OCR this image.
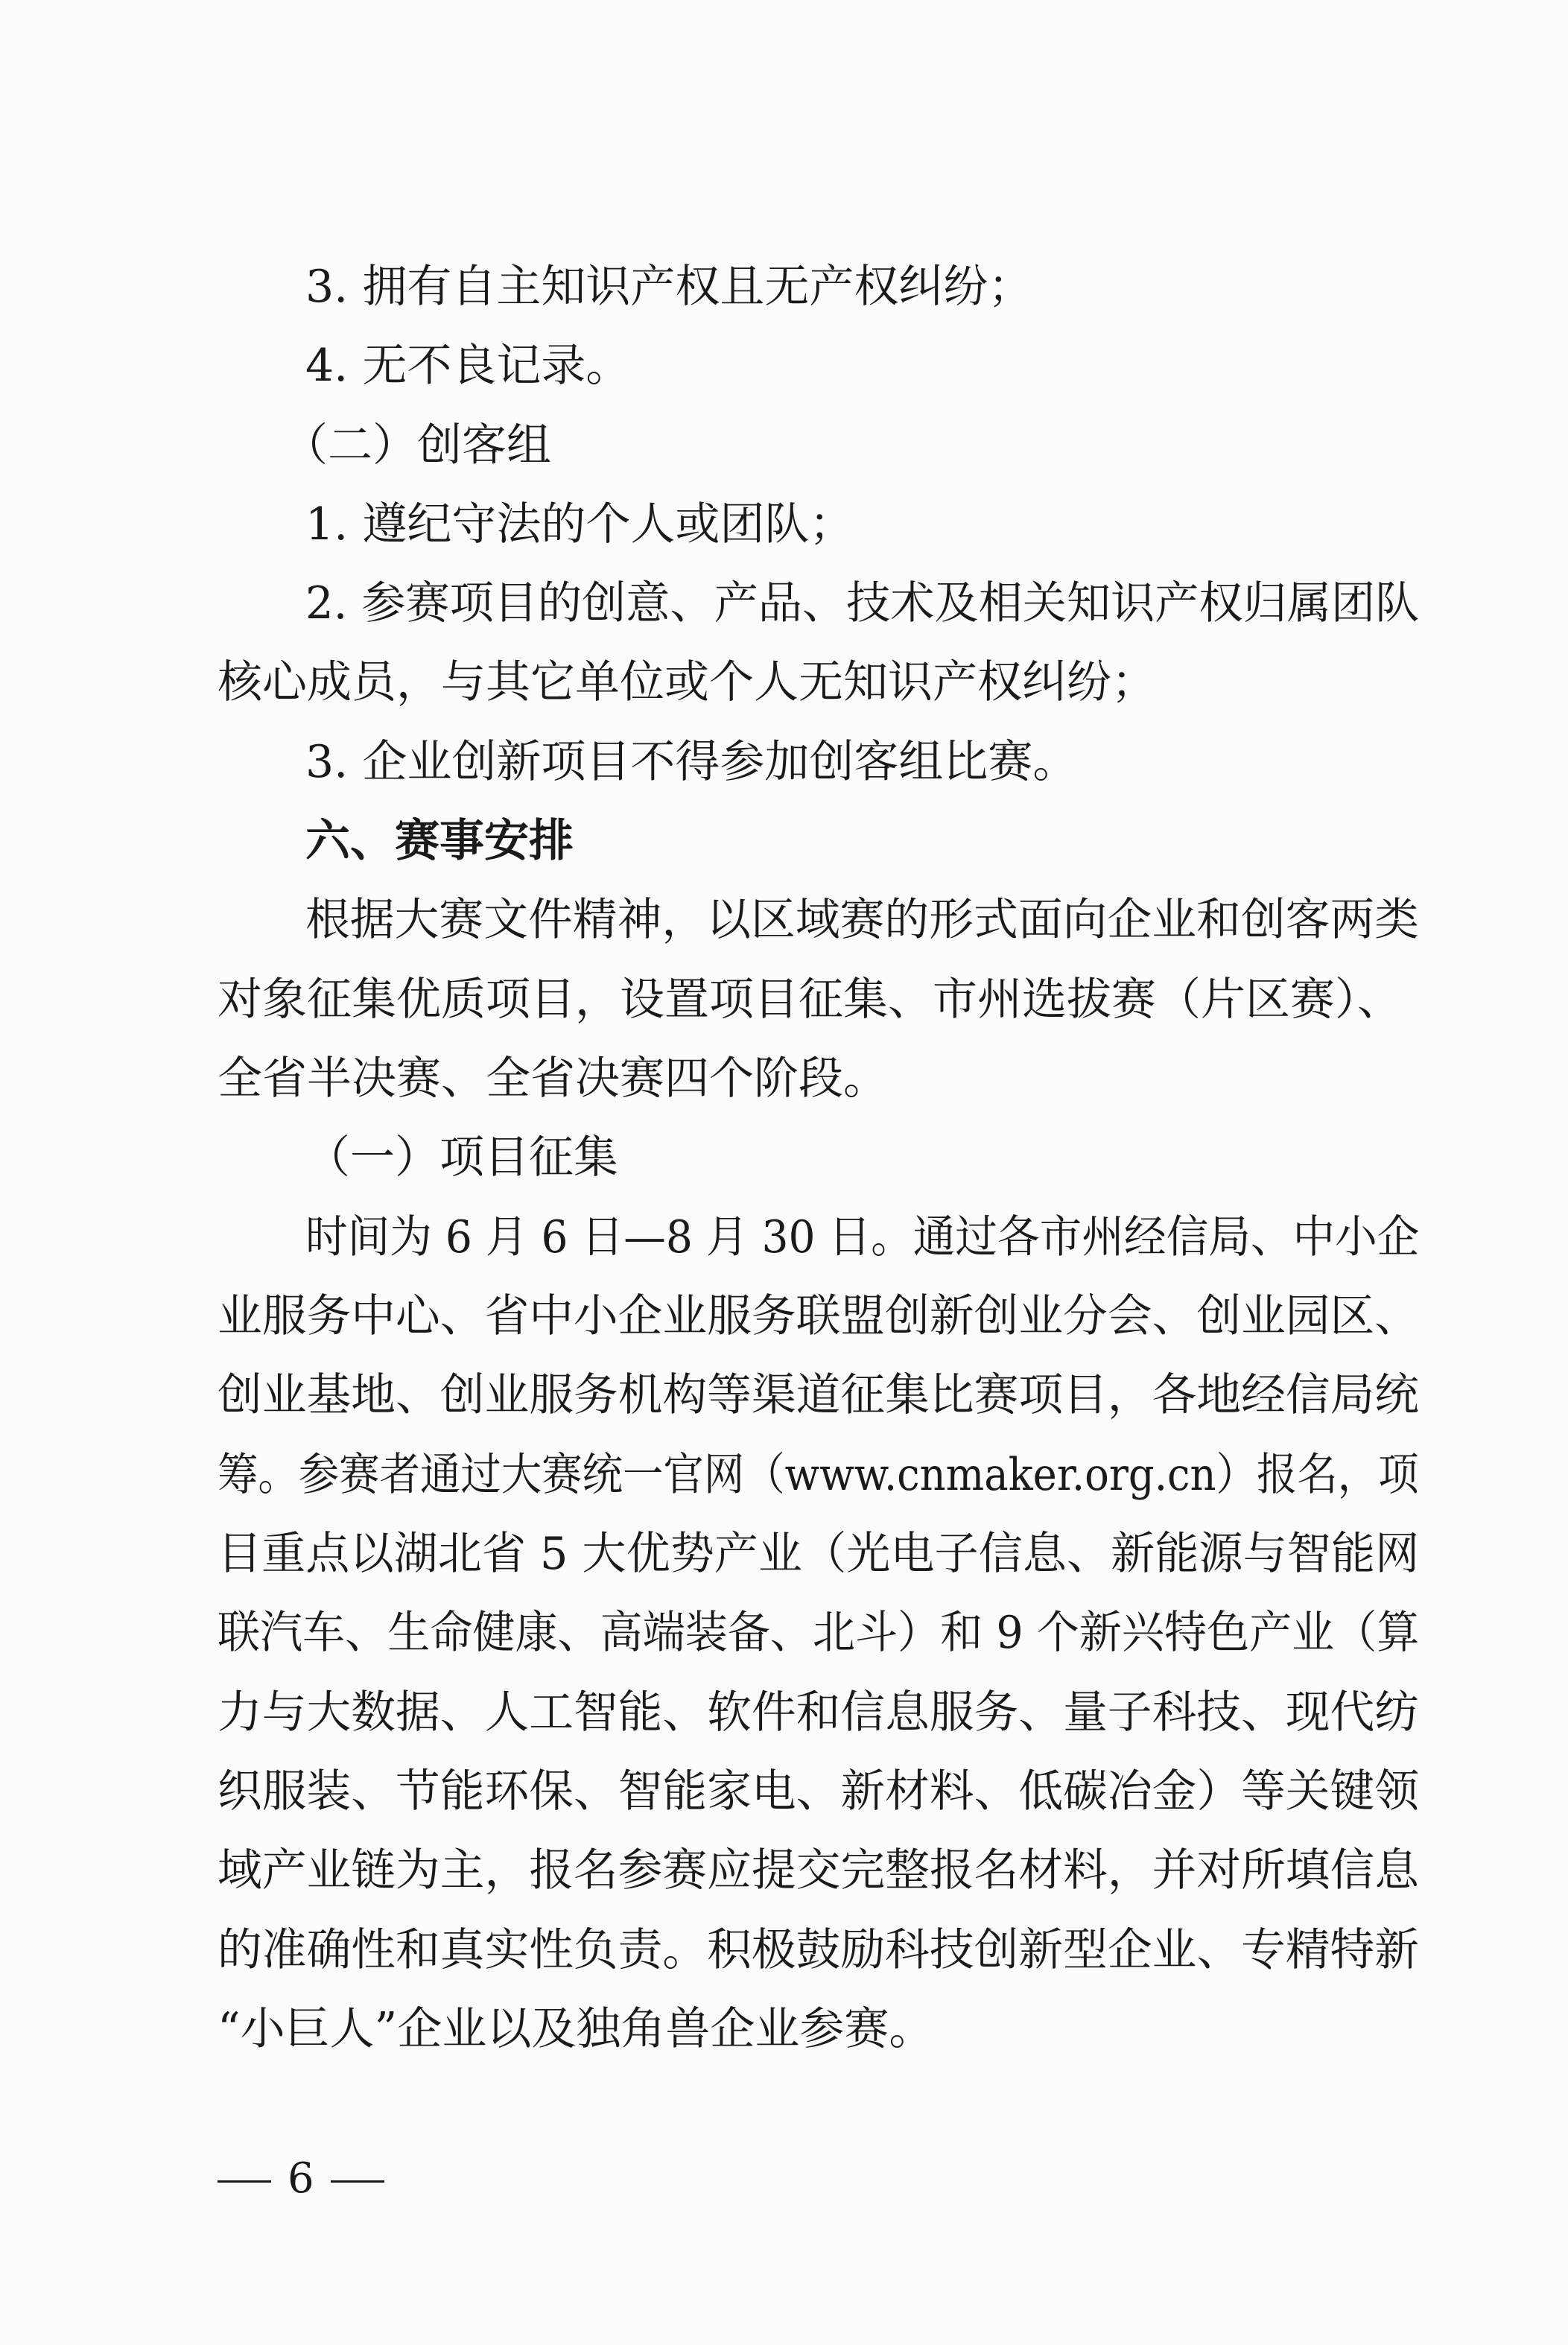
3. 拥有自主知识产权且无产权纠纷；
4. 无不良记录。
（二）创客组
1. 遵纪守法的个人或团队；
2. 参赛项目的创意、产品、技术及相关知识产权归属团队
核心成员，与其它单位或个人无知识产权纠纷；
3. 企业创新项目不得参加创客组比赛。
六、赛事安排
根据大赛文件精神，以区域赛的形式面向企业和创客两类
对象征集优质项目，设置项目征集、市州选拔赛（片区赛）、
全省半决赛、全省决赛四个阶段。
（一）项目征集
时间为 6 月 6 日—8 月 30 日。通过各市州经信局、中小企
业服务中心、省中小企业服务联盟创新创业分会、创业园区、
创业基地、创业服务机构等渠道征集比赛项目，各地经信局统
筹。参赛者通过大赛统一官网（www.cnmaker.org.cn）报名，项
目重点以湖北省 5 大优势产业（光电子信息、新能源与智能网
联汽车、生命健康、高端装备、北斗）和 9 个新兴特色产业（算
力与大数据、人工智能、软件和信息服务、量子科技、现代纺
织服装、节能环保、智能家电、新材料、低碳冶金）等关键领
域产业链为主，报名参赛应提交完整报名材料，并对所填信息
的准确性和真实性负责。积极鼓励科技创新型企业、专精特新
“小巨人”企业以及独角兽企业参赛。
6
